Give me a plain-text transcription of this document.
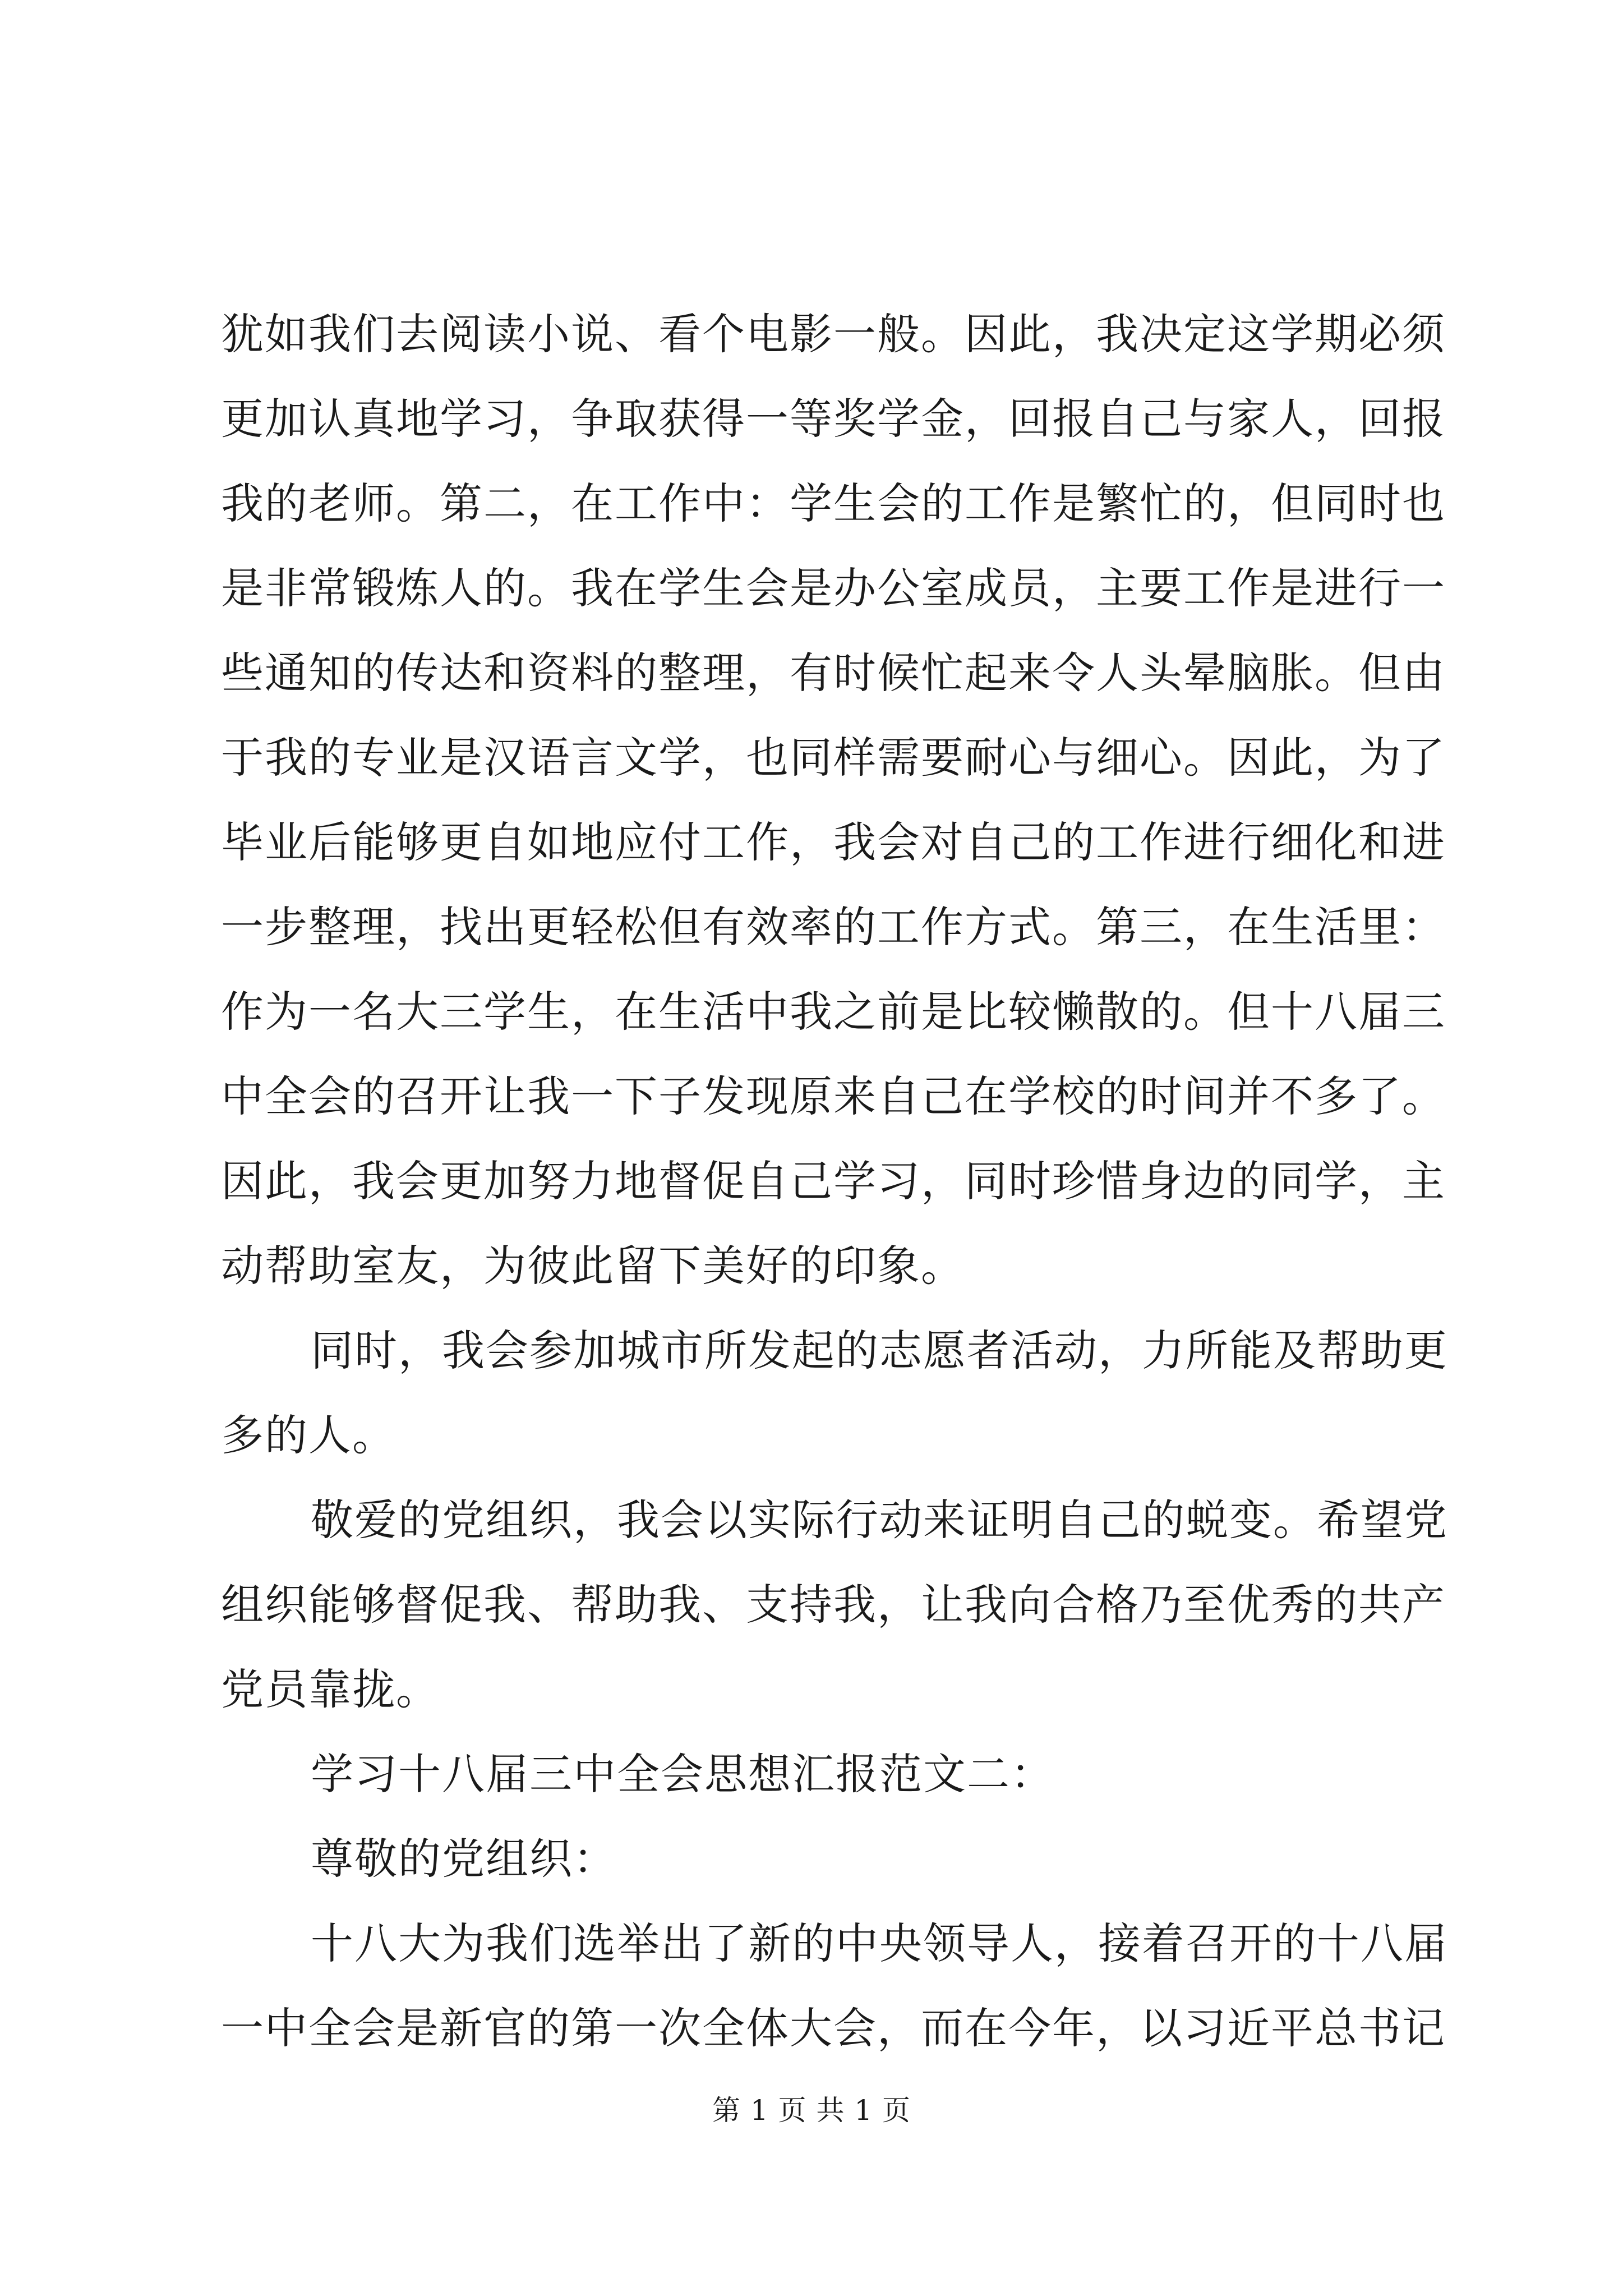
犹如我们去阅读小说、看个电影一般。因此，我决定这学期必须
更加认真地学习，争取获得一等奖学金，回报自己与家人，回报
我的老师。第二，在工作中：学生会的工作是繁忙的，但同时也
是非常锻炼人的。我在学生会是办公室成员，主要工作是进行一
些通知的传达和资料的整理，有时候忙起来令人头晕脑胀。但由
于我的专业是汉语言文学，也同样需要耐心与细心。因此，为了
毕业后能够更自如地应付工作，我会对自己的工作进行细化和进
一步整理，找出更轻松但有效率的工作方式。第三，在生活里：
作为一名大三学生，在生活中我之前是比较懒散的。但十八届三
中全会的召开让我一下子发现原来自己在学校的时间并不多了。
因此，我会更加努力地督促自己学习，同时珍惜身边的同学，主
动帮助室友，为彼此留下美好的印象。
同时，我会参加城市所发起的志愿者活动，力所能及帮助更
多的人。
敬爱的党组织，我会以实际行动来证明自己的蜕变。希望党
组织能够督促我、帮助我、支持我，让我向合格乃至优秀的共产
党员靠拢。
学习十八届三中全会思想汇报范文二：
尊敬的党组织：
十八大为我们选举出了新的中央领导人，接着召开的十八届
一中全会是新官的第一次全体大会，而在今年，以习近平总书记
第 1 页 共 1 页
